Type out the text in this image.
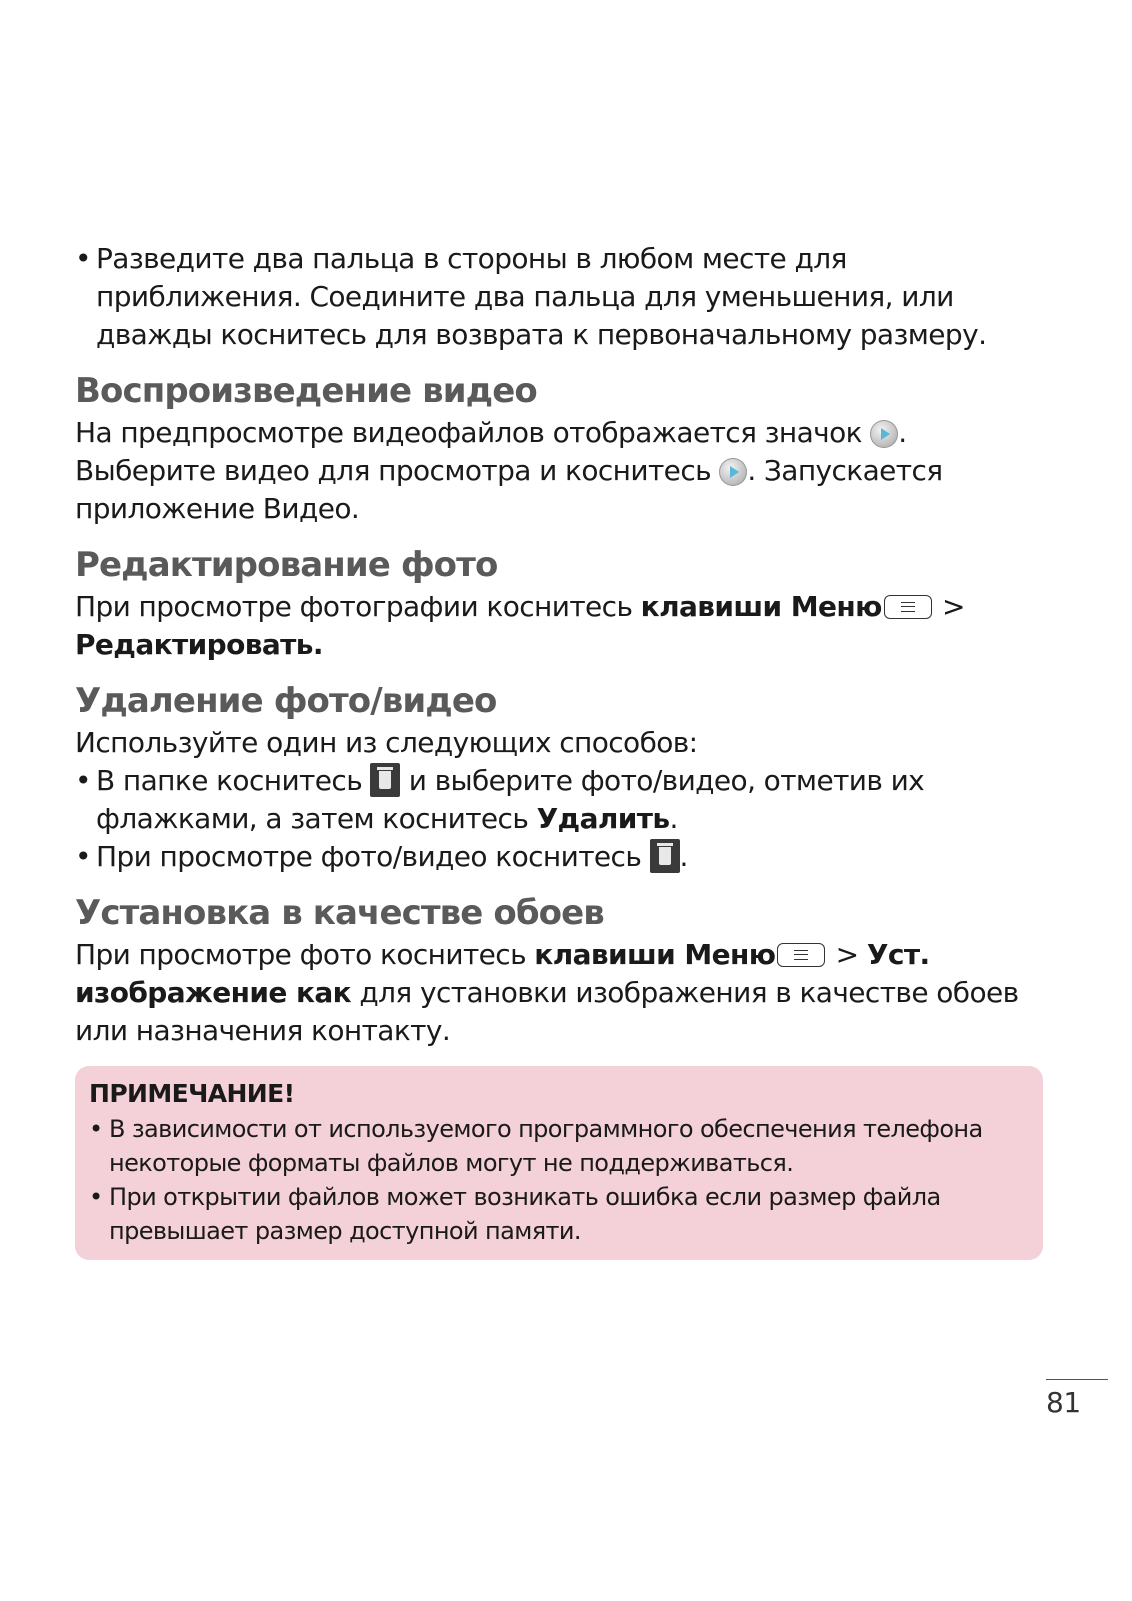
• Разведите два пальца в стороны в любом месте для приближения. Соедините два пальца для уменьшения, или дважды коснитесь для возврата к первоначальному размеру.
Воспроизведение видео

На предпросмотре видеофайлов отображается значок . Выберите видео для просмотра и коснитесь . Запускается приложение Видео.

Редактирование фото

При просмотре фотографии коснитесь клавиши Меню >
Редактировать.

Удаление фото/видео

Используйте один из следующих способов:

• В папке коснитесь  и выберите фото/видео, отметив их флажками, а затем коснитесь Удалить.
• При просмотре фото/видео коснитесь .
Установка в качестве обоев

При просмотре фото коснитесь клавиши Меню > Уст. изображение как для установки изображения в качестве обоев или назначения контакту.

ПРИМЕЧАНИЕ!
• В зависимости от используемого программного обеспечения телефона некоторые форматы файлов могут не поддерживаться.
• При открытии файлов может возникать ошибка если размер файла превышает размер доступной памяти.
81
